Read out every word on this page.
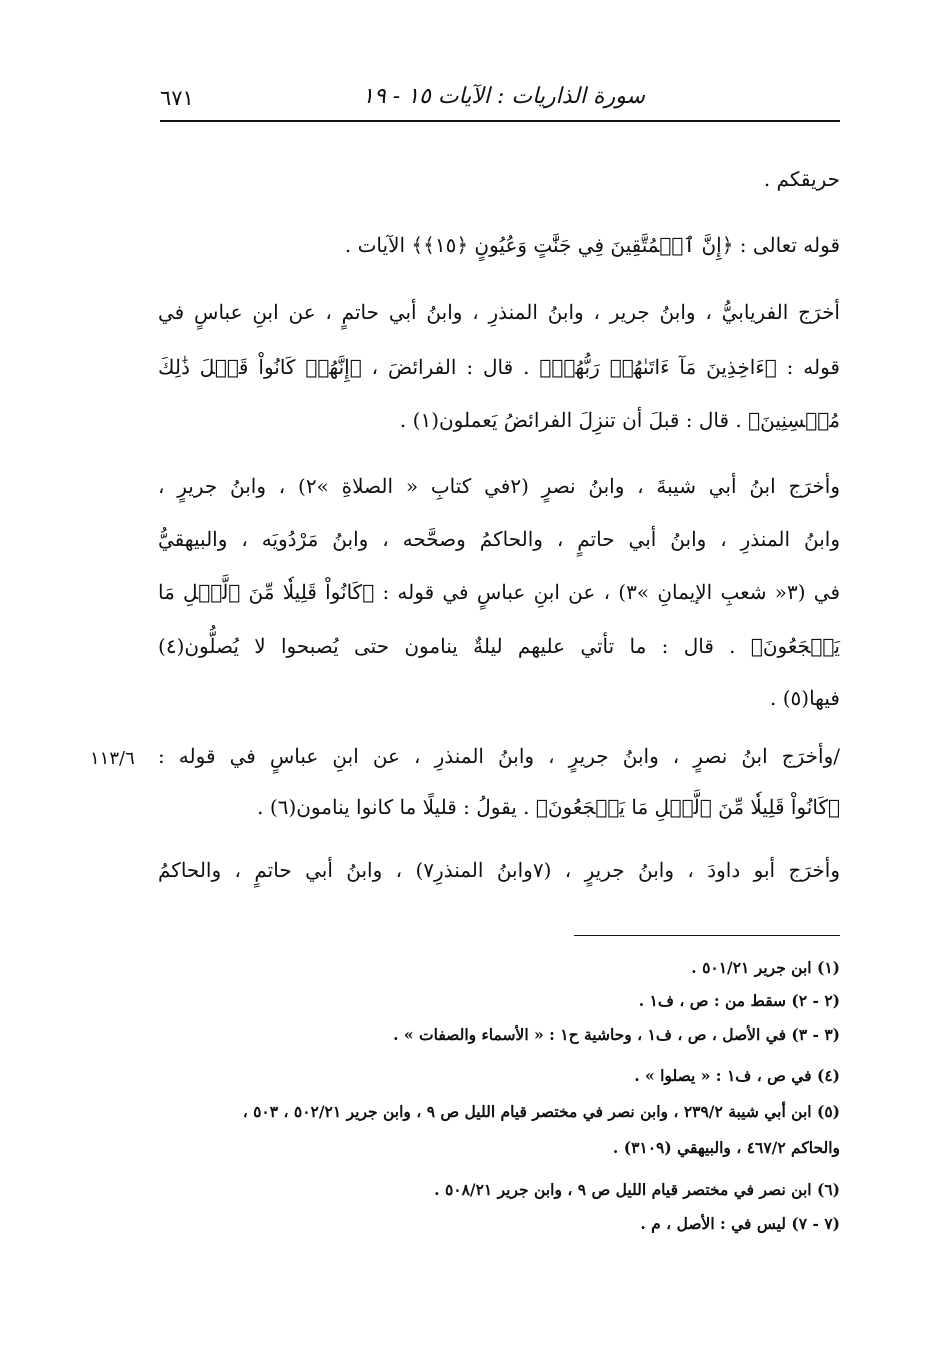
سورة الذاريات : الآيات ١٥ - ١٩
٦٧١
حريقكم .
قوله تعالى : ﴿إِنَّ ٱلۡمُتَّقِينَ فِي جَنَّٰتٍ وَعُيُونٍ ﴿١٥﴾﴾ الآيات .
أخرَج الفريابيُّ ، وابنُ جرير ، وابنُ المنذرِ ، وابنُ أبي حاتمٍ ، عن ابنِ عباسٍ في
قوله : ﴿ءَاخِذِينَ مَآ ءَاتَىٰهُمۡ رَبُّهُمۡ﴾ . قال : الفرائضَ ، ﴿إِنَّهُمۡ كَانُواْ قَبۡلَ ذَٰلِكَ
مُحۡسِنِينَ﴾ . قال : قبلَ أن تنزِلَ الفرائضُ يَعملون(١) .
وأخرَج ابنُ أبي شيبةَ ، وابنُ نصرٍ (٢في كتابِ « الصلاةِ »٢) ، وابنُ جريرٍ ،
وابنُ المنذرِ ، وابنُ أبي حاتمٍ ، والحاكمُ وصحَّحه ، وابنُ مَرْدُويَه ، والبيهقيُّ
في (٣« شعبِ الإيمانِ »٣) ، عن ابنِ عباسٍ في قوله : ﴿كَانُواْ قَلِيلٗا مِّنَ ٱلَّيۡلِ مَا
يَهۡجَعُونَ﴾ . قال : ما تأتي عليهم ليلةٌ ينامون حتى يُصبحوا لا يُصلُّون(٤)
فيها(٥) .
/وأخرَج ابنُ نصرٍ ، وابنُ جريرٍ ، وابنُ المنذرِ ، عن ابنِ عباسٍ في قوله :
﴿كَانُواْ قَلِيلٗا مِّنَ ٱلَّيۡلِ مَا يَهۡجَعُونَ﴾ . يقولُ : قليلًا ما كانوا ينامون(٦) .
وأخرَج أبو داودَ ، وابنُ جريرٍ ، (٧وابنُ المنذرِ٧) ، وابنُ أبي حاتمٍ ، والحاكمُ
١١٣/٦
(١) ابن جرير ٥٠١/٢١ .
(٢ - ٢) سقط من : ص ، ف١ .
(٣ - ٣) في الأصل ، ص ، ف١ ، وحاشية ح١ : « الأسماء والصفات » .
(٤) في ص ، ف١ : « يصلوا » .
(٥) ابن أبي شيبة ٢٣٩/٢ ، وابن نصر في مختصر قيام الليل ص ٩ ، وابن جرير ٥٠٢/٢١ ، ٥٠٣ ،
والحاكم ٤٦٧/٢ ، والبيهقي (٣١٠٩) .
(٦) ابن نصر في مختصر قيام الليل ص ٩ ، وابن جرير ٥٠٨/٢١ .
(٧ - ٧) ليس في : الأصل ، م .
